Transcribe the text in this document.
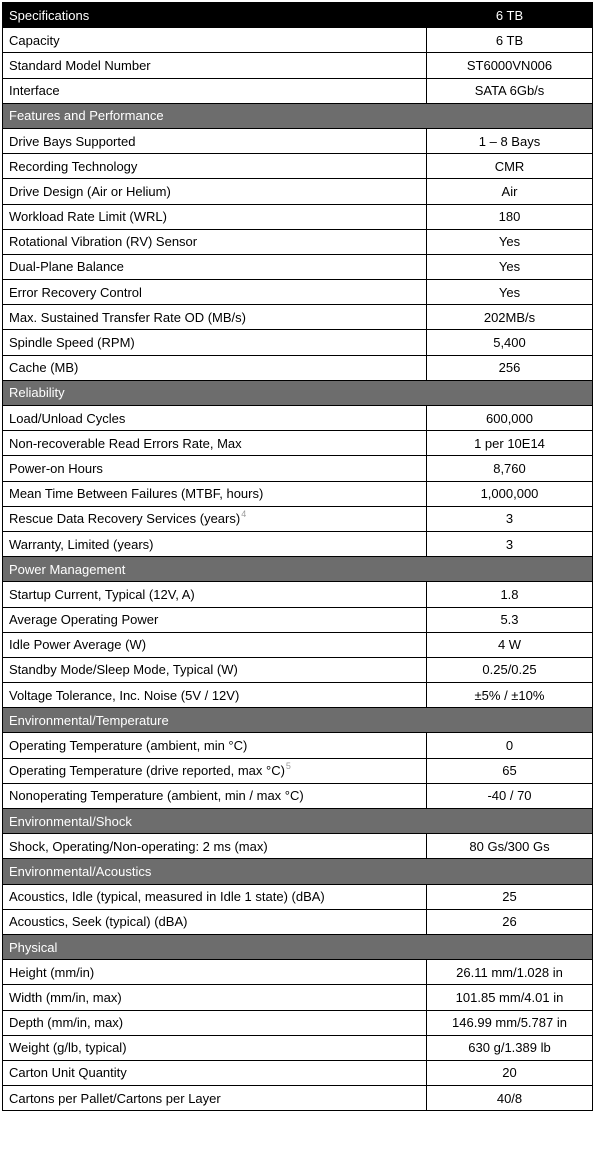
Specifications	6 TB
Capacity	6 TB
Standard Model Number	ST6000VN006
Interface	SATA 6Gb/s
Features and Performance	
Drive Bays Supported	1 – 8 Bays
Recording Technology	CMR
Drive Design (Air or Helium)	Air
Workload Rate Limit (WRL)	180
Rotational Vibration (RV) Sensor	Yes
Dual-Plane Balance	Yes
Error Recovery Control	Yes
Max. Sustained Transfer Rate OD (MB/s)	202MB/s
Spindle Speed (RPM)	5,400
Cache (MB)	256
Reliability	
Load/Unload Cycles	600,000
Non-recoverable Read Errors Rate, Max	1 per 10E14
Power-on Hours	8,760
Mean Time Between Failures (MTBF, hours)	1,000,000
Rescue Data Recovery Services (years)$^4$	3
Warranty, Limited (years)	3
Power Management	
Startup Current, Typical (12V, A)	1.8
Average Operating Power	5.3
Idle Power Average (W)	4 W
Standby Mode/Sleep Mode, Typical (W)	0.25/0.25
Voltage Tolerance, Inc. Noise (5V / 12V)	±5% / ±10%
Environmental/Temperature	
Operating Temperature (ambient, min °C)	0
Operating Temperature (drive reported, max °C)$^5$	65
Nonoperating Temperature (ambient, min / max °C)	-40 / 70
Environmental/Shock	
Shock, Operating/Non-operating: 2 ms (max)	80 Gs/300 Gs
Environmental/Acoustics	
Acoustics, Idle (typical, measured in Idle 1 state) (dBA)	25
Acoustics, Seek (typical) (dBA)	26
Physical	
Height (mm/in)	26.11 mm/1.028 in
Width (mm/in, max)	101.85 mm/4.01 in
Depth (mm/in, max)	146.99 mm/5.787 in
Weight (g/lb, typical)	630 g/1.389 lb
Carton Unit Quantity	20
Cartons per Pallet/Cartons per Layer	40/8
